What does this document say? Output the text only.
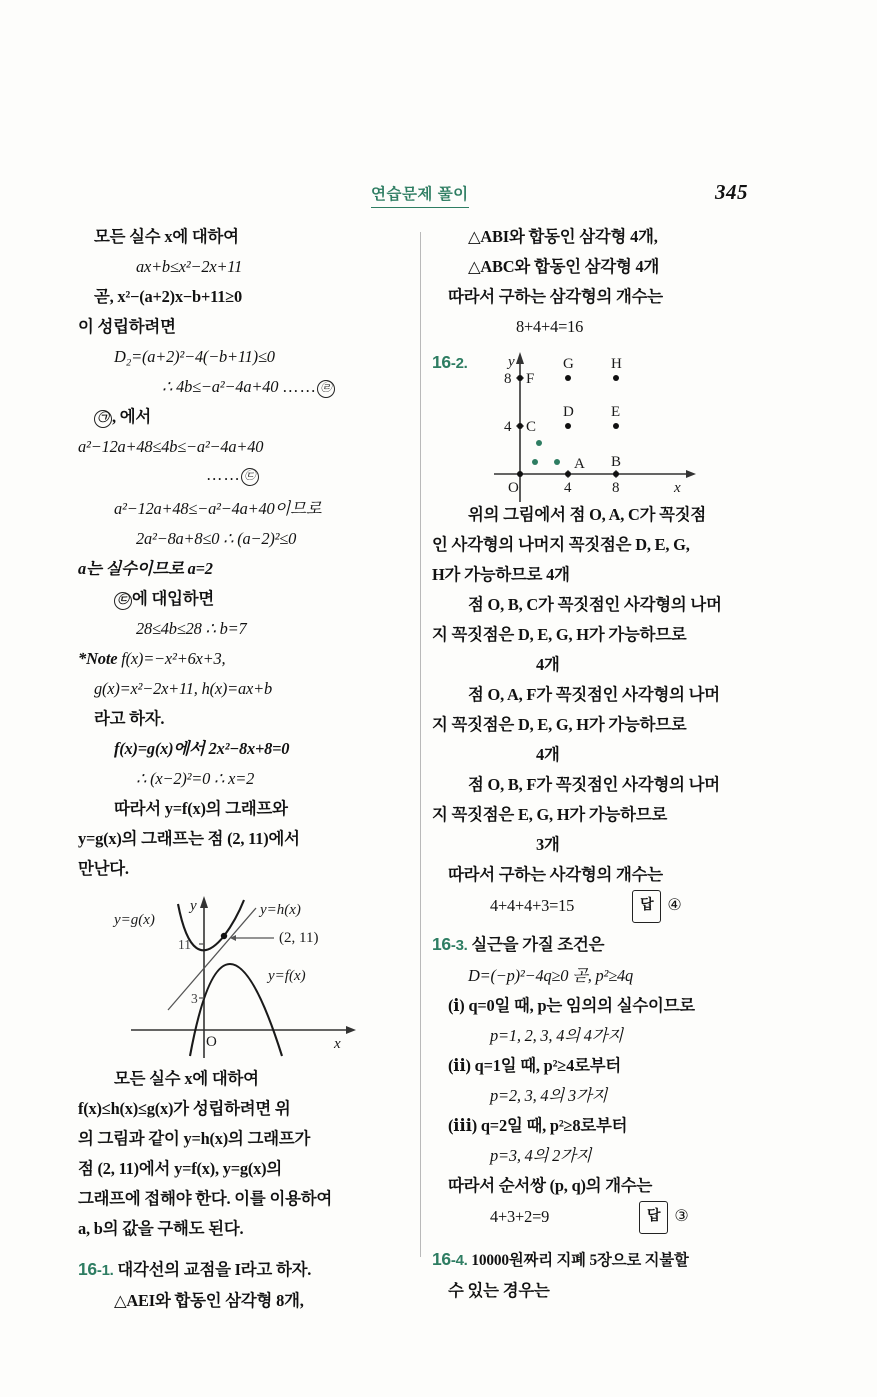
연습문제 풀이	345
모든 실수 x에 대하여
ax+b≤x²−2x+11
곧, x²−(a+2)x−b+11≥0
이 성립하려면
D₂=(a+2)²−4(−b+11)≤0
∴ 4b≤−a²−4a+40 …… ㉣
㉠ , 에서
a²−12a+48≤4b≤−a²−4a+40
…… ㉢
a²−12a+48≤−a²−4a+40이므로
2a²−8a+8≤0 ∴ (a−2)²≤0
a는 실수이므로 a=2
㉢ 에 대입하면
28≤4b≤28 ∴ b=7
*Note f(x)=−x²+6x+3,
g(x)=x²−2x+11, h(x)=ax+b
라고 하자.
f(x)=g(x)에서 2x²−8x+8=0
∴ (x−2)²=0 ∴ x=2
따라서 y=f(x)의 그래프와
y=g(x)의 그래프는 점 (2, 11)에서
만난다.
y=g(x)
y=h(x)
y=f(x)
(2, 11)
11
3
O	x
y
모든 실수 x에 대하여
f(x)≤h(x)≤g(x)가 성립하려면 위
의 그림과 같이 y=h(x)의 그래프가
점 (2, 11)에서 y=f(x), y=g(x)의
그래프에 접해야 한다. 이를 이용하여
a, b의 값을 구해도 된다.
16-1. 대각선의 교점을 I라고 하자.
△AEI와 합동인 삼각형 8개,
△ABI와 합동인 삼각형 4개,
△ABC와 합동인 삼각형 4개
따라서 구하는 삼각형의 개수는
8+4+4=16
16-2.
F
G H
C
D E
A B
4
8
4	8
O	x
y
위의 그림에서 점 O, A, C가 꼭짓점
인 사각형의 나머지 꼭짓점은 D, E, G,
H가 가능하므로 4개
점 O, B, C가 꼭짓점인 사각형의 나머
지 꼭짓점은 D, E, G, H가 가능하므로
4개
점 O, A, F가 꼭짓점인 사각형의 나머
지 꼭짓점은 D, E, G, H가 가능하므로
4개
점 O, B, F가 꼭짓점인 사각형의 나머
지 꼭짓점은 E, G, H가 가능하므로
3개
따라서 구하는 사각형의 개수는
4+4+4+3=15	답 ④
16-3. 실근을 가질 조건은
D=(−p)²−4q≥0 곧, p²≥4q
(ⅰ) q=0일 때, p는 임의의 실수이므로
p=1, 2, 3, 4의 4가지
(ⅱ) q=1일 때, p²≥4로부터
p=2, 3, 4의 3가지
(ⅲ) q=2일 때, p²≥8로부터
p=3, 4의 2가지
따라서 순서쌍 (p, q)의 개수는
4+3+2=9	답 ③
16-4. 10000원짜리 지폐 5장으로 지불할
수 있는 경우는
